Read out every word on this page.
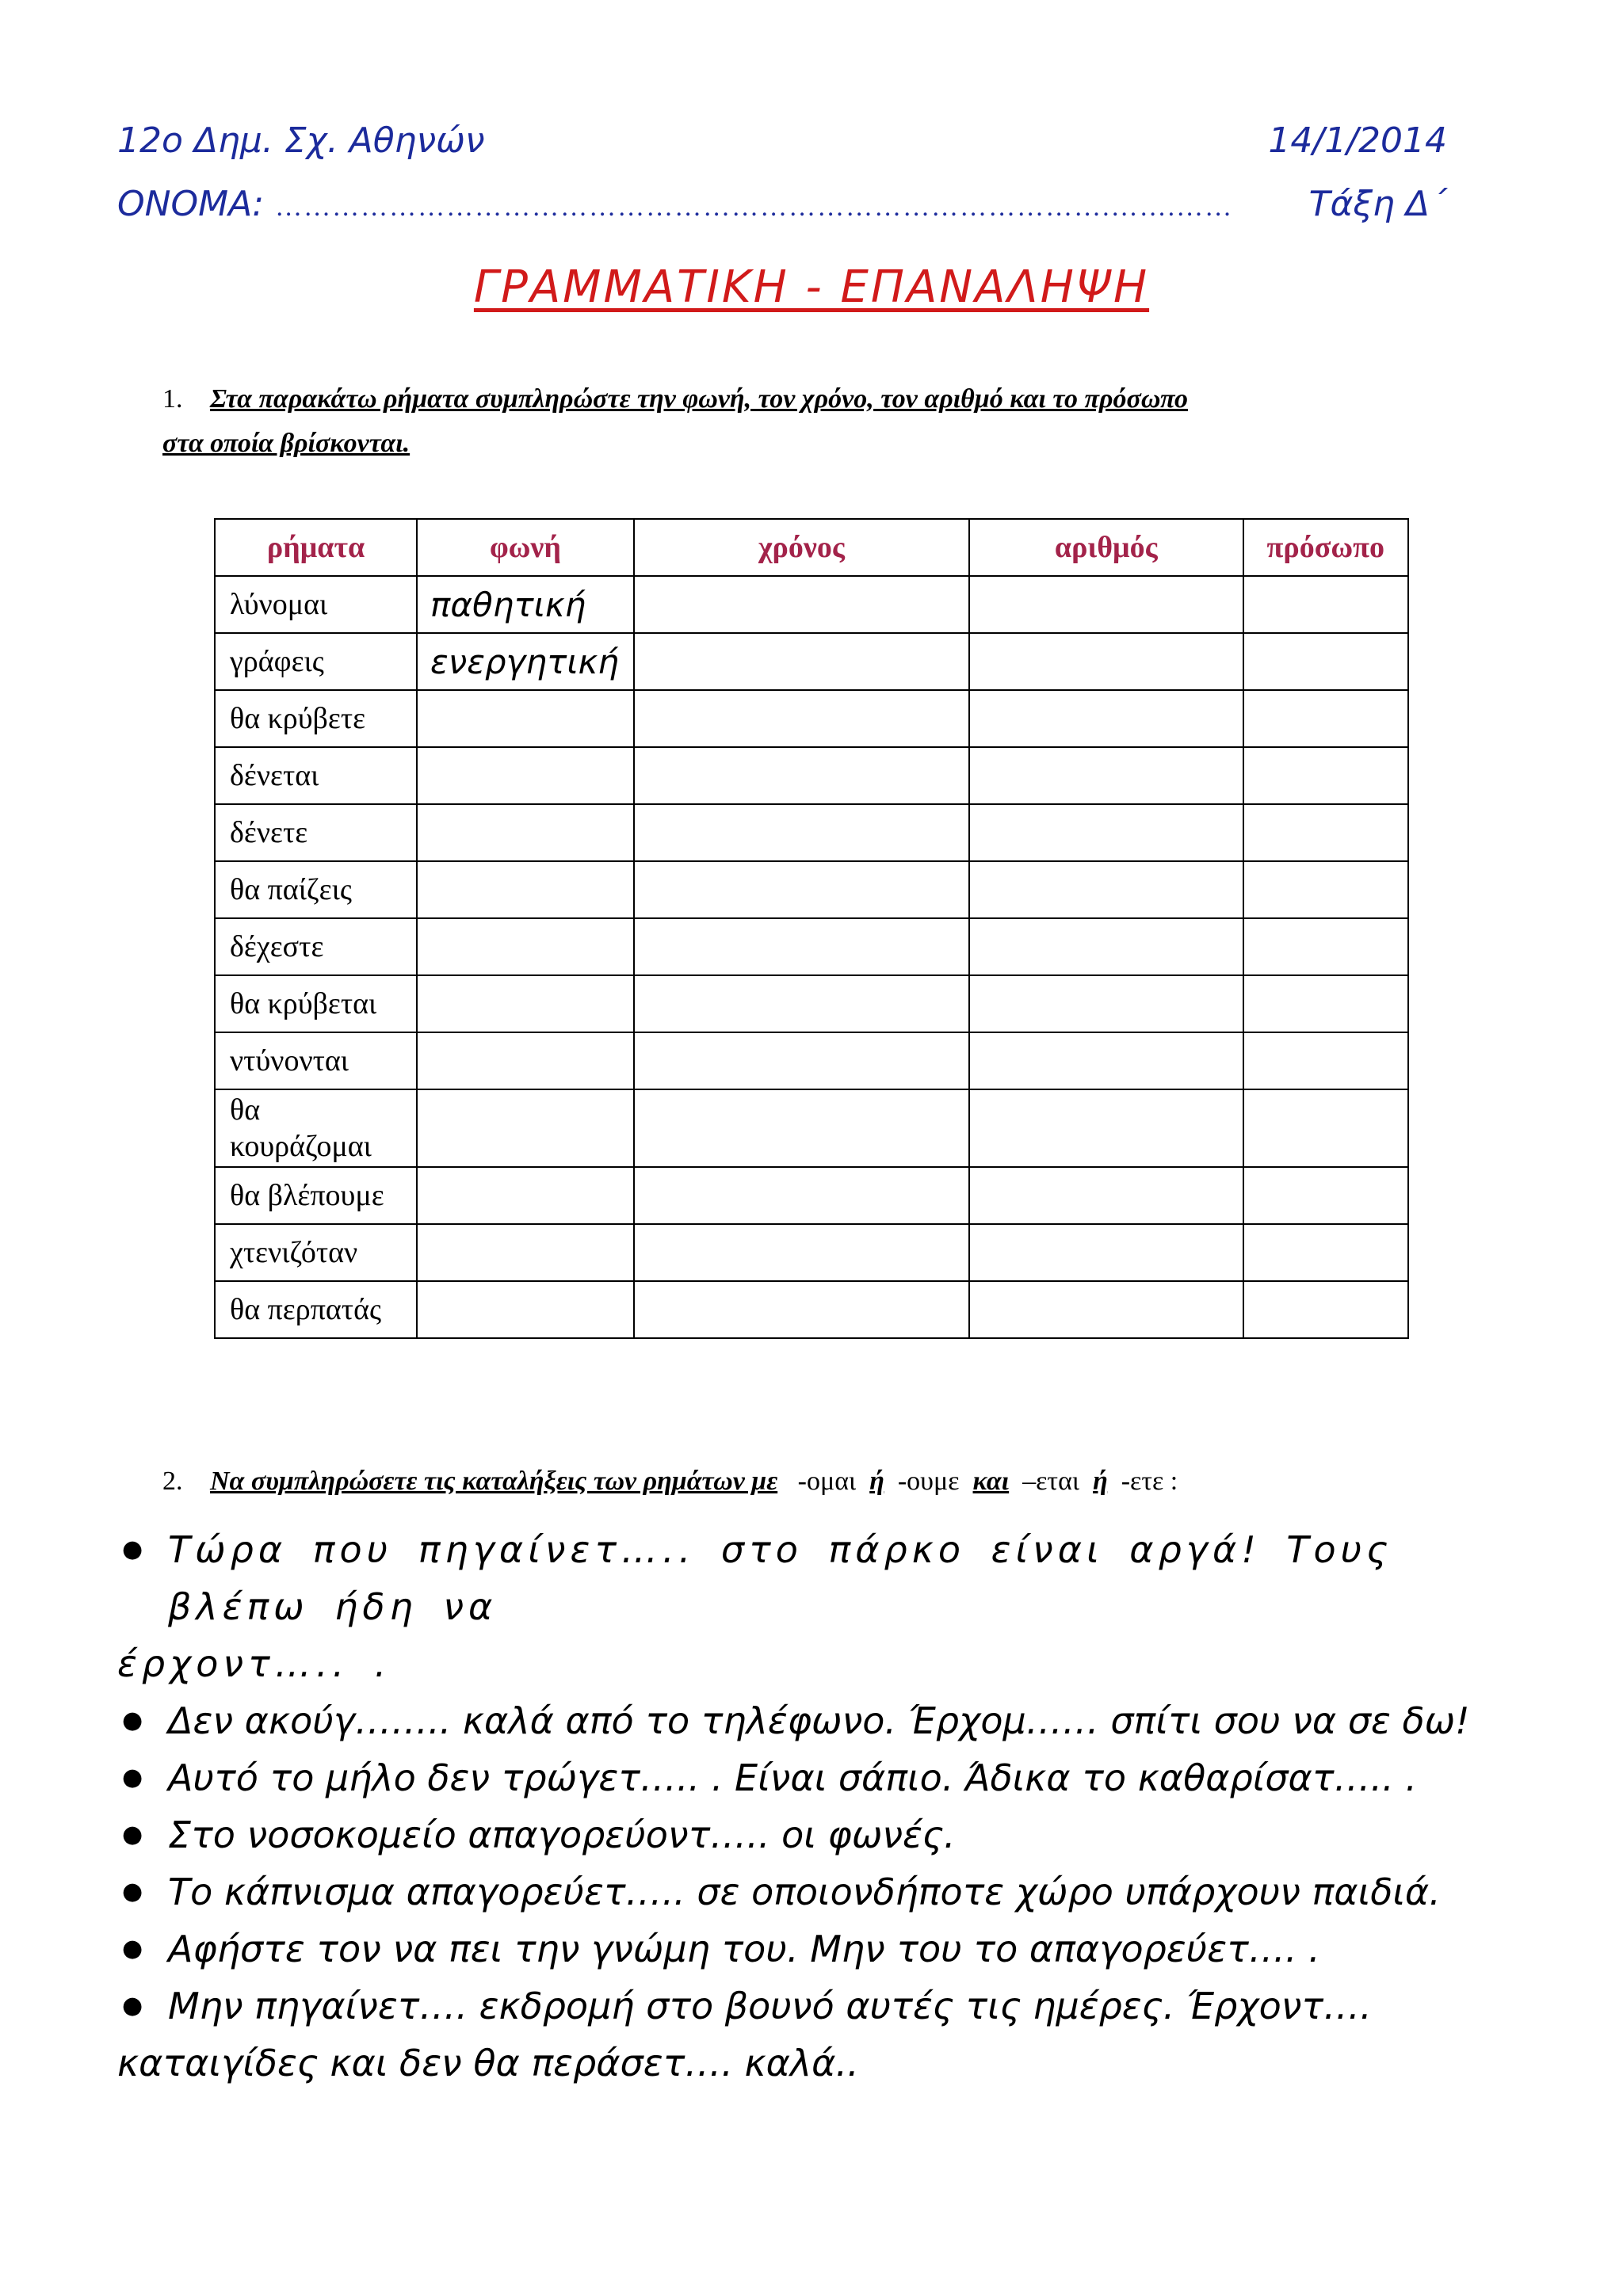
12ο Δημ. Σχ. Αθηνών	14/1/2014
ΟΝΟΜΑ: …………………………………………………………………………….…….…… Τάξη Δ΄
ΓΡΑΜΜΑΤΙΚΗ - ΕΠΑΝΑΛΗΨΗ
1. Στα παρακάτω ρήματα συμπληρώστε την φωνή, τον χρόνο, τον αριθμό και το πρόσωπο
στα οποία βρίσκονται.
ρήματα	φωνή	χρόνος	αριθμός	πρόσωπο
λύνομαι	παθητική			
γράφεις	ενεργητική			
θα κρύβετε				
δένεται				
δένετε				
θα παίζεις				
δέχεστε				
θα κρύβεται				
ντύνονται				
θα κουράζομαι				
θα βλέπουμε				
χτενιζόταν				
θα περπατάς				
2. Να συμπληρώσετε τις καταλήξεις των ρημάτων με -ομαι ή -ουμε και –εται ή -ετε :
● Τώρα που πηγαίνετ….. στο πάρκο είναι αργά! Τους βλέπω ήδη να
έρχοντ….. .
● Δεν ακούγ…….. καλά από το τηλέφωνο. Έρχομ…… σπίτι σου να σε δω!
● Αυτό το μήλο δεν τρώγετ….. . Είναι σάπιο. Άδικα το καθαρίσατ….. .
● Στο νοσοκομείο απαγορεύοντ….. οι φωνές.
● Το κάπνισμα απαγορεύετ….. σε οποιονδήποτε χώρο υπάρχουν παιδιά.
● Αφήστε τον να πει την γνώμη του. Μην του το απαγορεύετ…. .
● Μην πηγαίνετ…. εκδρομή στο βουνό αυτές τις ημέρες. Έρχοντ….
καταιγίδες και δεν θα περάσετ…. καλά..
